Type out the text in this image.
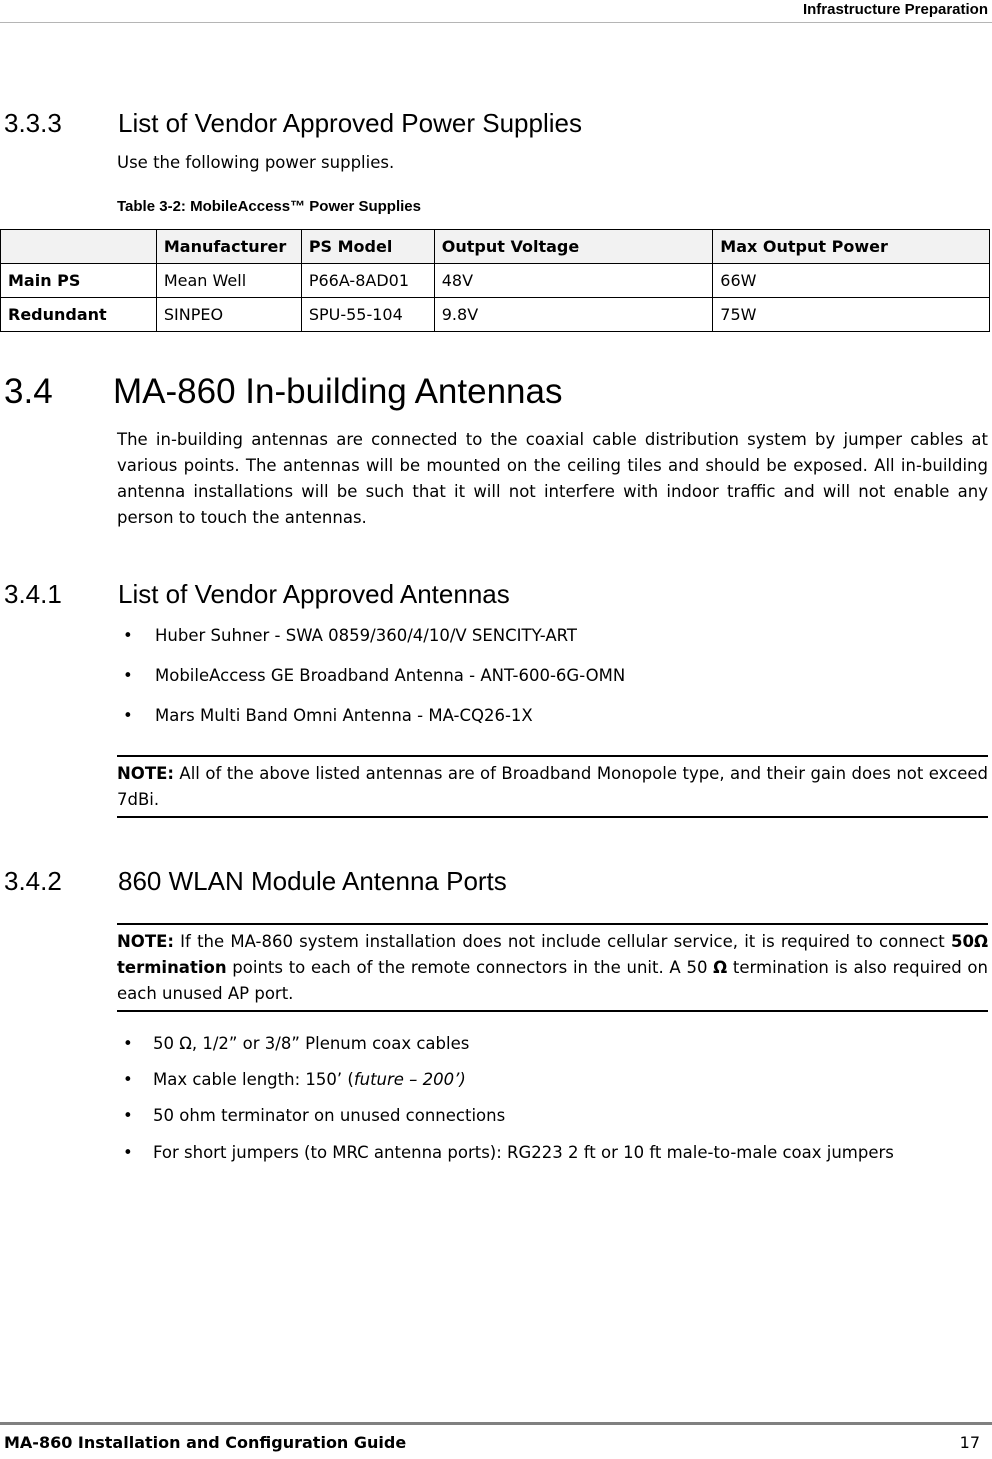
Infrastructure Preparation
3.3.3 List of Vendor Approved Power Supplies
Use the following power supplies.
Table 3-2: MobileAccess™ Power Supplies
	Manufacturer	PS Model	Output Voltage	Max Output Power
Main PS	Mean Well	P66A-8AD01	48V	66W
Redundant	SINPEO	SPU-55-104	9.8V	75W
3.4 MA-860 In-building Antennas
The in-building antennas are connected to the coaxial cable distribution system by jumper cables at various points. The antennas will be mounted on the ceiling tiles and should be exposed. All in-building antenna installations will be such that it will not interfere with indoor traffic and will not enable any person to touch the antennas.
3.4.1 List of Vendor Approved Antennas
• Huber Suhner - SWA 0859/360/4/10/V SENCITY-ART
• MobileAccess GE Broadband Antenna - ANT-600-6G-OMN
• Mars Multi Band Omni Antenna - MA-CQ26-1X
NOTE: All of the above listed antennas are of Broadband Monopole type, and their gain does not exceed 7dBi.
3.4.2 860 WLAN Module Antenna Ports
NOTE: If the MA-860 system installation does not include cellular service, it is required to connect 50Ω termination points to each of the remote connectors in the unit. A 50 Ω termination is also required on each unused AP port.
• 50 Ω, 1/2” or 3/8” Plenum coax cables
• Max cable length: 150’ (future – 200’)
• 50 ohm terminator on unused connections
• For short jumpers (to MRC antenna ports): RG223 2 ft or 10 ft male-to-male coax jumpers
MA-860 Installation and Configuration Guide	17
